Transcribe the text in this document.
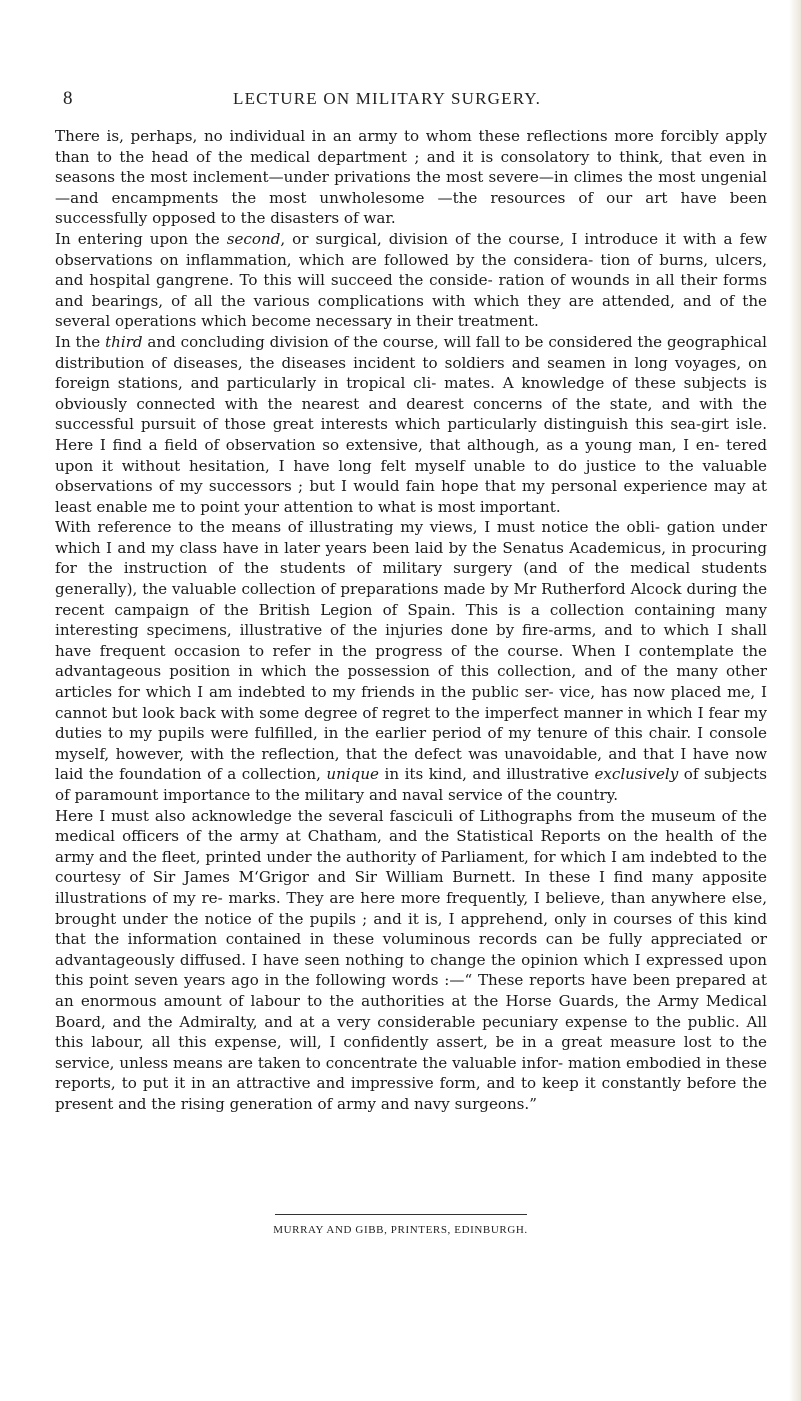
8	LECTURE ON MILITARY SURGERY.

There is, perhaps, no individual in an army to whom these reflections more forcibly apply than to the head of the medical department ; and it is consolatory to think, that even in seasons the most inclement—under privations the most severe—in climes the most ungenial—and encampments the most unwholesome —the resources of our art have been successfully opposed to the disasters of war.

In entering upon the second, or surgical, division of the course, I introduce it with a few observations on inflammation, which are followed by the considera- tion of burns, ulcers, and hospital gangrene. To this will succeed the conside- ration of wounds in all their forms and bearings, of all the various complications with which they are attended, and of the several operations which become necessary in their treatment.

In the third and concluding division of the course, will fall to be considered the geographical distribution of diseases, the diseases incident to soldiers and seamen in long voyages, on foreign stations, and particularly in tropical cli- mates. A knowledge of these subjects is obviously connected with the nearest and dearest concerns of the state, and with the successful pursuit of those great interests which particularly distinguish this sea-girt isle. Here I find a field of observation so extensive, that although, as a young man, I en- tered upon it without hesitation, I have long felt myself unable to do justice to the valuable observations of my successors ; but I would fain hope that my personal experience may at least enable me to point your attention to what is most important.

With reference to the means of illustrating my views, I must notice the obli- gation under which I and my class have in later years been laid by the Senatus Academicus, in procuring for the instruction of the students of military surgery (and of the medical students generally), the valuable collection of preparations made by Mr Rutherford Alcock during the recent campaign of the British Legion of Spain. This is a collection containing many interesting specimens, illustrative of the injuries done by fire-arms, and to which I shall have frequent occasion to refer in the progress of the course. When I contemplate the advantageous position in which the possession of this collection, and of the many other articles for which I am indebted to my friends in the public ser- vice, has now placed me, I cannot but look back with some degree of regret to the imperfect manner in which I fear my duties to my pupils were fulfilled, in the earlier period of my tenure of this chair. I console myself, however, with the reflection, that the defect was unavoidable, and that I have now laid the foundation of a collection, unique in its kind, and illustrative exclusively of subjects of paramount importance to the military and naval service of the country.

Here I must also acknowledge the several fasciculi of Lithographs from the museum of the medical officers of the army at Chatham, and the Statistical Reports on the health of the army and the fleet, printed under the authority of Parliament, for which I am indebted to the courtesy of Sir James M‘Grigor and Sir William Burnett. In these I find many apposite illustrations of my re- marks. They are here more frequently, I believe, than anywhere else, brought under the notice of the pupils ; and it is, I apprehend, only in courses of this kind that the information contained in these voluminous records can be fully appreciated or advantageously diffused. I have seen nothing to change the opinion which I expressed upon this point seven years ago in the following words :—“ These reports have been prepared at an enormous amount of labour to the authorities at the Horse Guards, the Army Medical Board, and the Admiralty, and at a very considerable pecuniary expense to the public. All this labour, all this expense, will, I confidently assert, be in a great measure lost to the service, unless means are taken to concentrate the valuable infor- mation embodied in these reports, to put it in an attractive and impressive form, and to keep it constantly before the present and the rising generation of army and navy surgeons.”

MURRAY AND GIBB, PRINTERS, EDINBURGH.
